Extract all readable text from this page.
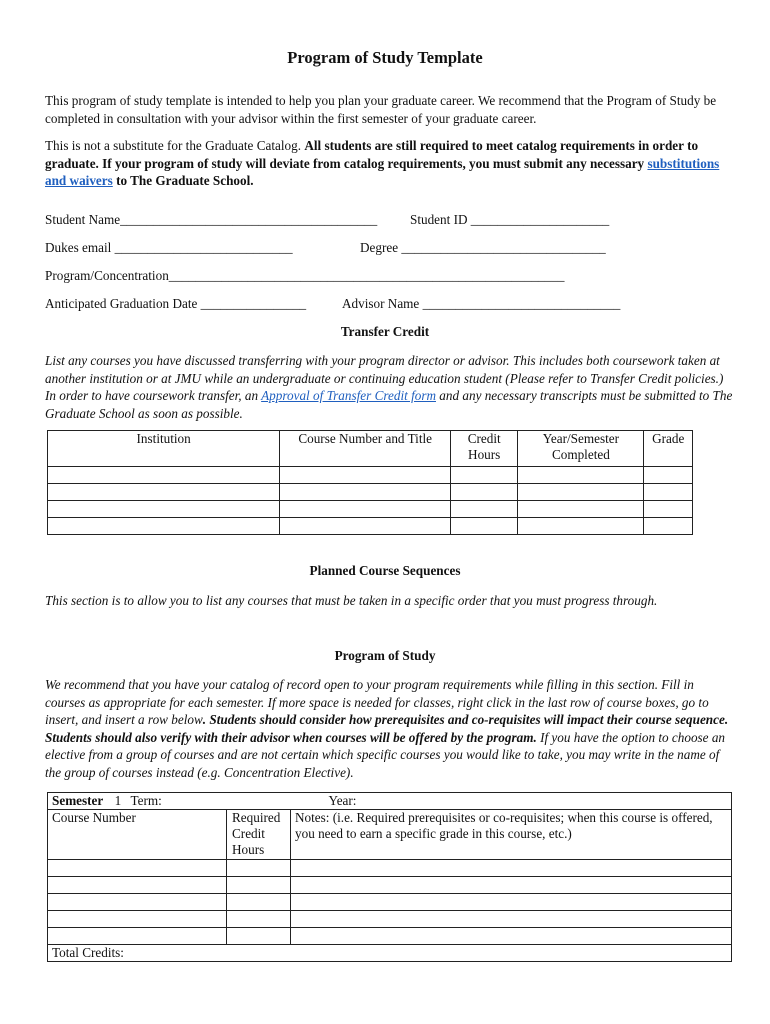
Program of Study Template
This program of study template is intended to help you plan your graduate career. We recommend that the Program of Study be completed in consultation with your advisor within the first semester of your graduate career.
This is not a substitute for the Graduate Catalog. All students are still required to meet catalog requirements in order to graduate. If your program of study will deviate from catalog requirements, you must submit any necessary substitutions and waivers to The Graduate School.
Student Name_______________________________________ Student ID _____________________
Dukes email ___________________________	Degree _______________________________
Program/Concentration____________________________________________________________
Anticipated Graduation Date ________________	Advisor Name ______________________________
Transfer Credit
List any courses you have discussed transferring with your program director or advisor. This includes both coursework taken at another institution or at JMU while an undergraduate or continuing education student (Please refer to Transfer Credit policies.) In order to have coursework transfer, an Approval of Transfer Credit form and any necessary transcripts must be submitted to The Graduate School as soon as possible.
Institution	Course Number and Title	Credit Hours	Year/Semester Completed	Grade

Planned Course Sequences
This section is to allow you to list any courses that must be taken in a specific order that you must progress through.
Program of Study
We recommend that you have your catalog of record open to your program requirements while filling in this section. Fill in courses as appropriate for each semester. If more space is needed for classes, right click in the last row of course boxes, go to insert, and insert a row below. Students should consider how prerequisites and co-requisites will impact their course sequence. Students should also verify with their advisor when courses will be offered by the program. If you have the option to choose an elective from a group of courses and are not certain which specific courses you would like to take, you may write in the name of the group of courses instead (e.g. Concentration Elective).
Semester 1 Term:		Year:
Course Number	Required Credit Hours	Notes: (i.e. Required prerequisites or co-requisites; when this course is offered, you need to earn a specific grade in this course, etc.)

Total Credits:		
